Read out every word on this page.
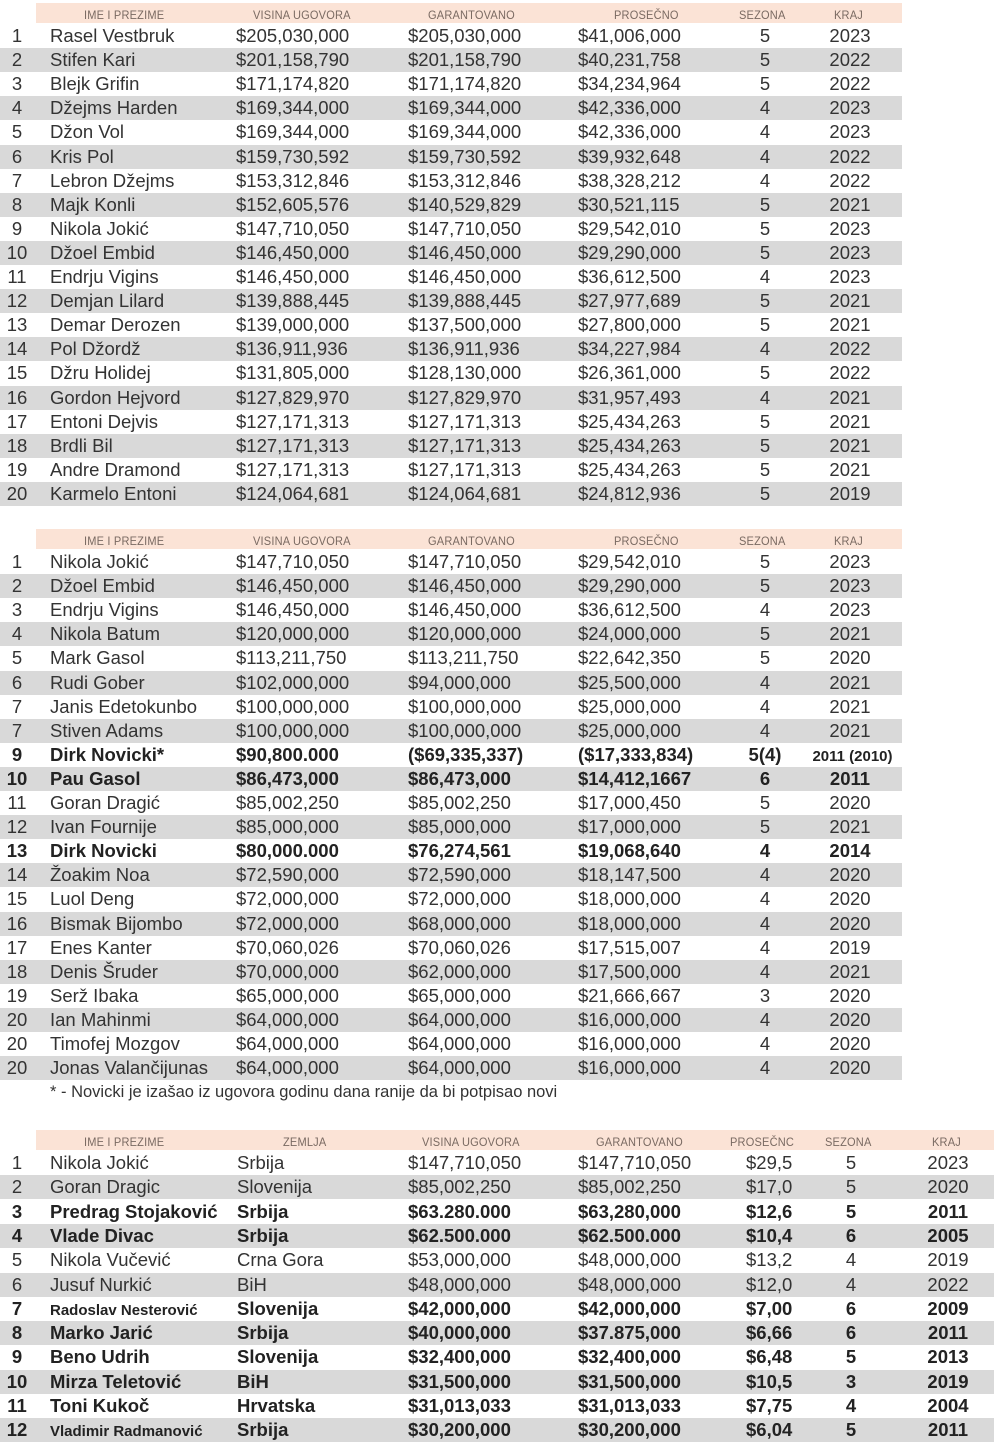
IME I PREZIME	VISINA UGOVORA	GARANTOVANO	PROSEČNO	SEZONA	KRAJ
1	Rasel Vestbruk	$205,030,000	$205,030,000	$41,006,000	5	2023
2	Stifen Kari	$201,158,790	$201,158,790	$40,231,758	5	2022
3	Blejk Grifin	$171,174,820	$171,174,820	$34,234,964	5	2022
4	Džejms Harden	$169,344,000	$169,344,000	$42,336,000	4	2023
5	Džon Vol	$169,344,000	$169,344,000	$42,336,000	4	2023
6	Kris Pol	$159,730,592	$159,730,592	$39,932,648	4	2022
7	Lebron Džejms	$153,312,846	$153,312,846	$38,328,212	4	2022
8	Majk Konli	$152,605,576	$140,529,829	$30,521,115	5	2021
9	Nikola Jokić	$147,710,050	$147,710,050	$29,542,010	5	2023
10 Džoel Embid	$146,450,000	$146,450,000	$29,290,000	5	2023
11 Endrju Vigins	$146,450,000	$146,450,000	$36,612,500	4	2023
12 Demjan Lilard	$139,888,445	$139,888,445	$27,977,689	5	2021
13 Demar Derozen	$139,000,000	$137,500,000	$27,800,000	5	2021
14 Pol Džordž	$136,911,936	$136,911,936	$34,227,984	4	2022
15 Džru Holidej	$131,805,000	$128,130,000	$26,361,000	5	2022
16 Gordon Hejvord	$127,829,970	$127,829,970	$31,957,493	4	2021
17 Entoni Dejvis	$127,171,313	$127,171,313	$25,434,263	5	2021
18 Brdli Bil	$127,171,313	$127,171,313	$25,434,263	5	2021
19 Andre Dramond	$127,171,313	$127,171,313	$25,434,263	5	2021
20 Karmelo Entoni	$124,064,681	$124,064,681	$24,812,936	5	2019
IME I PREZIME	VISINA UGOVORA	GARANTOVANO	PROSEČNO	SEZONA	KRAJ
1	Nikola Jokić	$147,710,050	$147,710,050	$29,542,010	5	2023
2	Džoel Embid	$146,450,000	$146,450,000	$29,290,000	5	2023
3	Endrju Vigins	$146,450,000	$146,450,000	$36,612,500	4	2023
4	Nikola Batum	$120,000,000	$120,000,000	$24,000,000	5	2021
5	Mark Gasol	$113,211,750	$113,211,750	$22,642,350	5	2020
6	Rudi Gober	$102,000,000	$94,000,000	$25,500,000	4	2021
7	Janis Edetokunbo $100,000,000	$100,000,000	$25,000,000	4	2021
7	Stiven Adams	$100,000,000	$100,000,000	$25,000,000	4	2021
9	Dirk Novicki*	$90,800.000	($69,335,337)	($17,333,834)	5(4)	2011 (2010)
10 Pau Gasol	$86,473,000	$86,473,000	$14,412,1667	6	2011
11 Goran Dragić	$85,002,250	$85,002,250	$17,000,450	5	2020
12 Ivan Fournije	$85,000,000	$85,000,000	$17,000,000	5	2021
13 Dirk Novicki	$80,000.000	$76,274,561	$19,068,640	4	2014
14 Žoakim Noa	$72,590,000	$72,590,000	$18,147,500	4	2020
15 Luol Deng	$72,000,000	$72,000,000	$18,000,000	4	2020
16 Bismak Bijombo	$72,000,000	$68,000,000	$18,000,000	4	2020
17 Enes Kanter	$70,060,026	$70,060,026	$17,515,007	4	2019
18 Denis Šruder	$70,000,000	$62,000,000	$17,500,000	4	2021
19 Serž Ibaka	$65,000,000	$65,000,000	$21,666,667	3	2020
20 Ian Mahinmi	$64,000,000	$64,000,000	$16,000,000	4	2020
20 Timofej Mozgov	$64,000,000	$64,000,000	$16,000,000	4	2020
20 Jonas Valančijunas $64,000,000	$64,000,000	$16,000,000	4	2020
* - Novicki je izašao iz ugovora godinu dana ranije da bi potpisao novi
IME I PREZIME	ZEMLJA	VISINA UGOVORA	GARANTOVANO	PROSEČNC	SEZONA	KRAJ
1	Nikola Jokić	Srbija	$147,710,050	$147,710,050	$29,5	5	2023
2	Goran Dragic	Slovenija	$85,002,250	$85,002,250	$17,0	5	2020
3	Predrag Stojaković Srbija	$63.280.000	$63,280,000	$12,6	5	2011
4	Vlade Divac	Srbija	$62.500.000	$62.500.000	$10,4	6	2005
5	Nikola Vučević	Crna Gora	$53,000,000	$48,000,000	$13,2	4	2019
6	Jusuf Nurkić	BiH	$48,000,000	$48,000,000	$12,0	4	2022
7	Radoslav Nesterović Slovenija	$42,000,000	$42,000,000	$7,00	6	2009
8	Marko Jarić	Srbija	$40,000,000	$37.875,000	$6,66	6	2011
9	Beno Udrih	Slovenija	$32,400,000	$32,400,000	$6,48	5	2013
10 Mirza Teletović	BiH	$31,500,000	$31,500,000	$10,5	3	2019
11 Toni Kukoč	Hrvatska	$31,013,033	$31,013,033	$7,75	4	2004
12	Vladimir Radmanović Srbija	$30,200,000	$30,200,000	$6,04	5	2011
